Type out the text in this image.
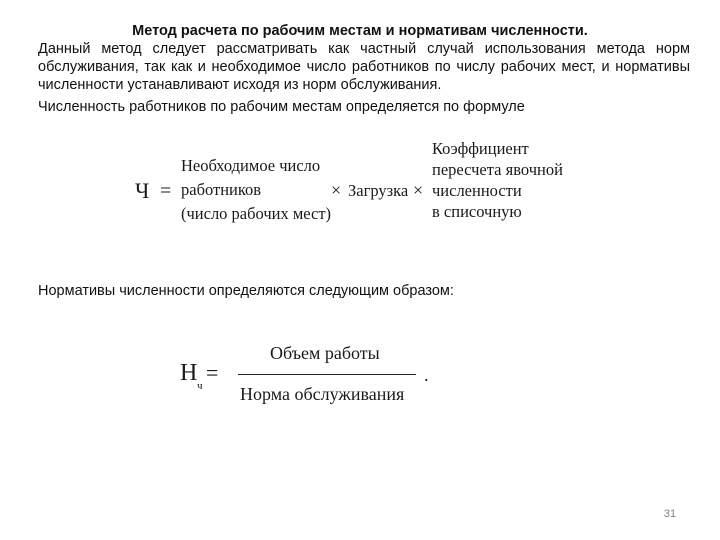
Метод расчета по рабочим местам и нормативам численности.

Данный метод следует рассматривать как частный случай использования метода норм обслуживания, так как и необходимое число работников по числу рабочих мест, и нормативы численности устанавливают исходя из норм обслуживания.

Численность работников по рабочим местам определяется по формуле

Ч =
Необходимое число
работников
(число рабочих мест)
× Загрузка ×
Коэффициент
пересчета явочной
численности
в списочную

Нормативы численности определяются следующим образом:

Н ч
=
Объем работы
Норма обслуживания
.
31
